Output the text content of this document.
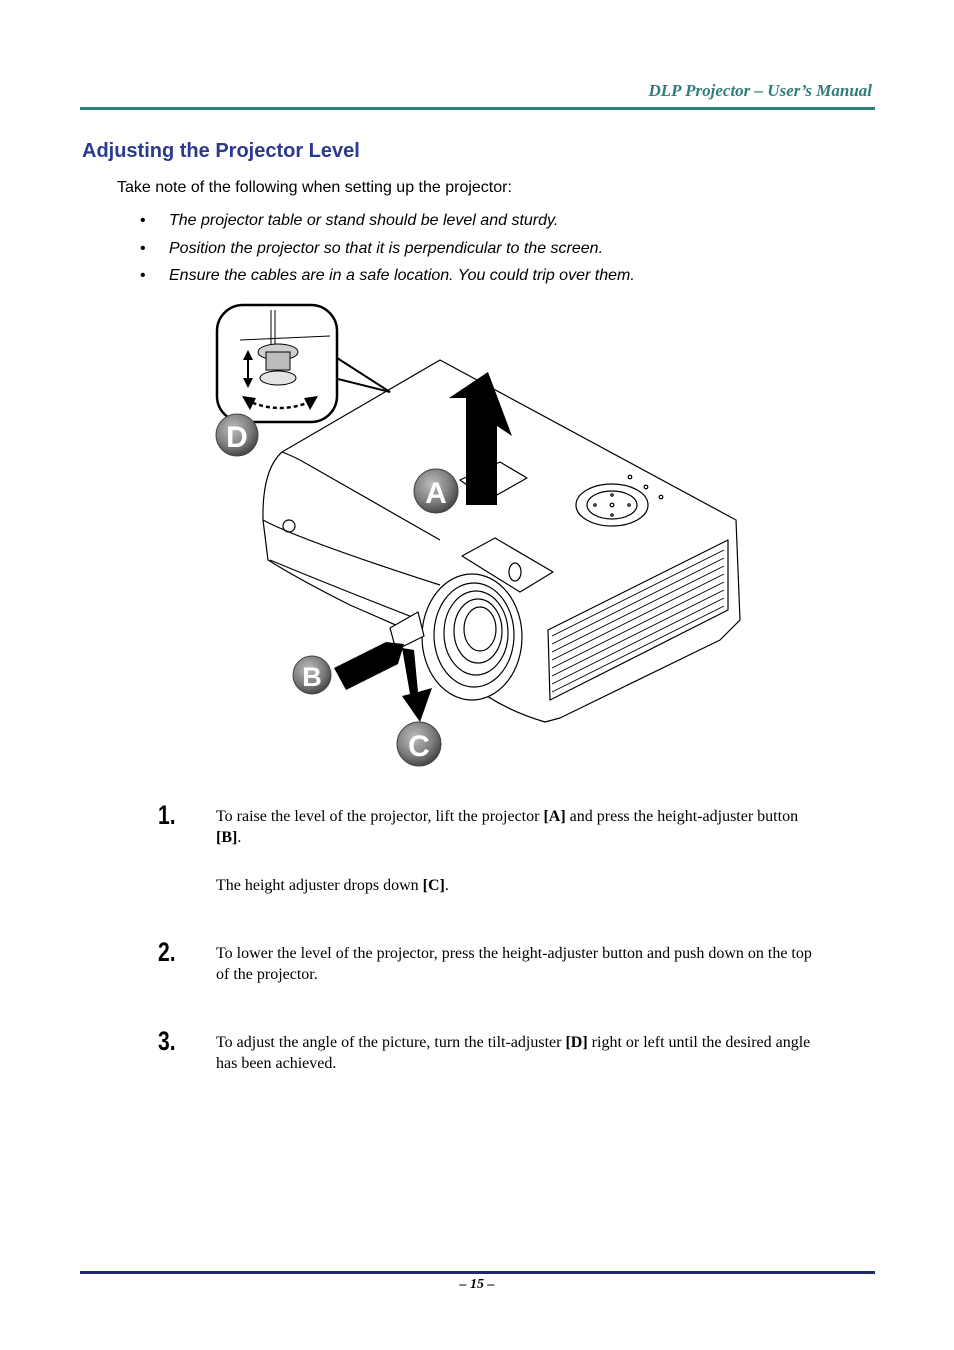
DLP Projector – User’s Manual
Adjusting the Projector Level
Take note of the following when setting up the projector:
• The projector table or stand should be level and sturdy.
• Position the projector so that it is perpendicular to the screen.
• Ensure the cables are in a safe location. You could trip over them.
A
B
C
D
1.	To raise the level of the projector, lift the projector [A] and press the height-adjuster button [B].
The height adjuster drops down [C].
2.	To lower the level of the projector, press the height-adjuster button and push down on the top of the projector.
3.	To adjust the angle of the picture, turn the tilt-adjuster [D] right or left until the desired angle has been achieved.
– 15 –
